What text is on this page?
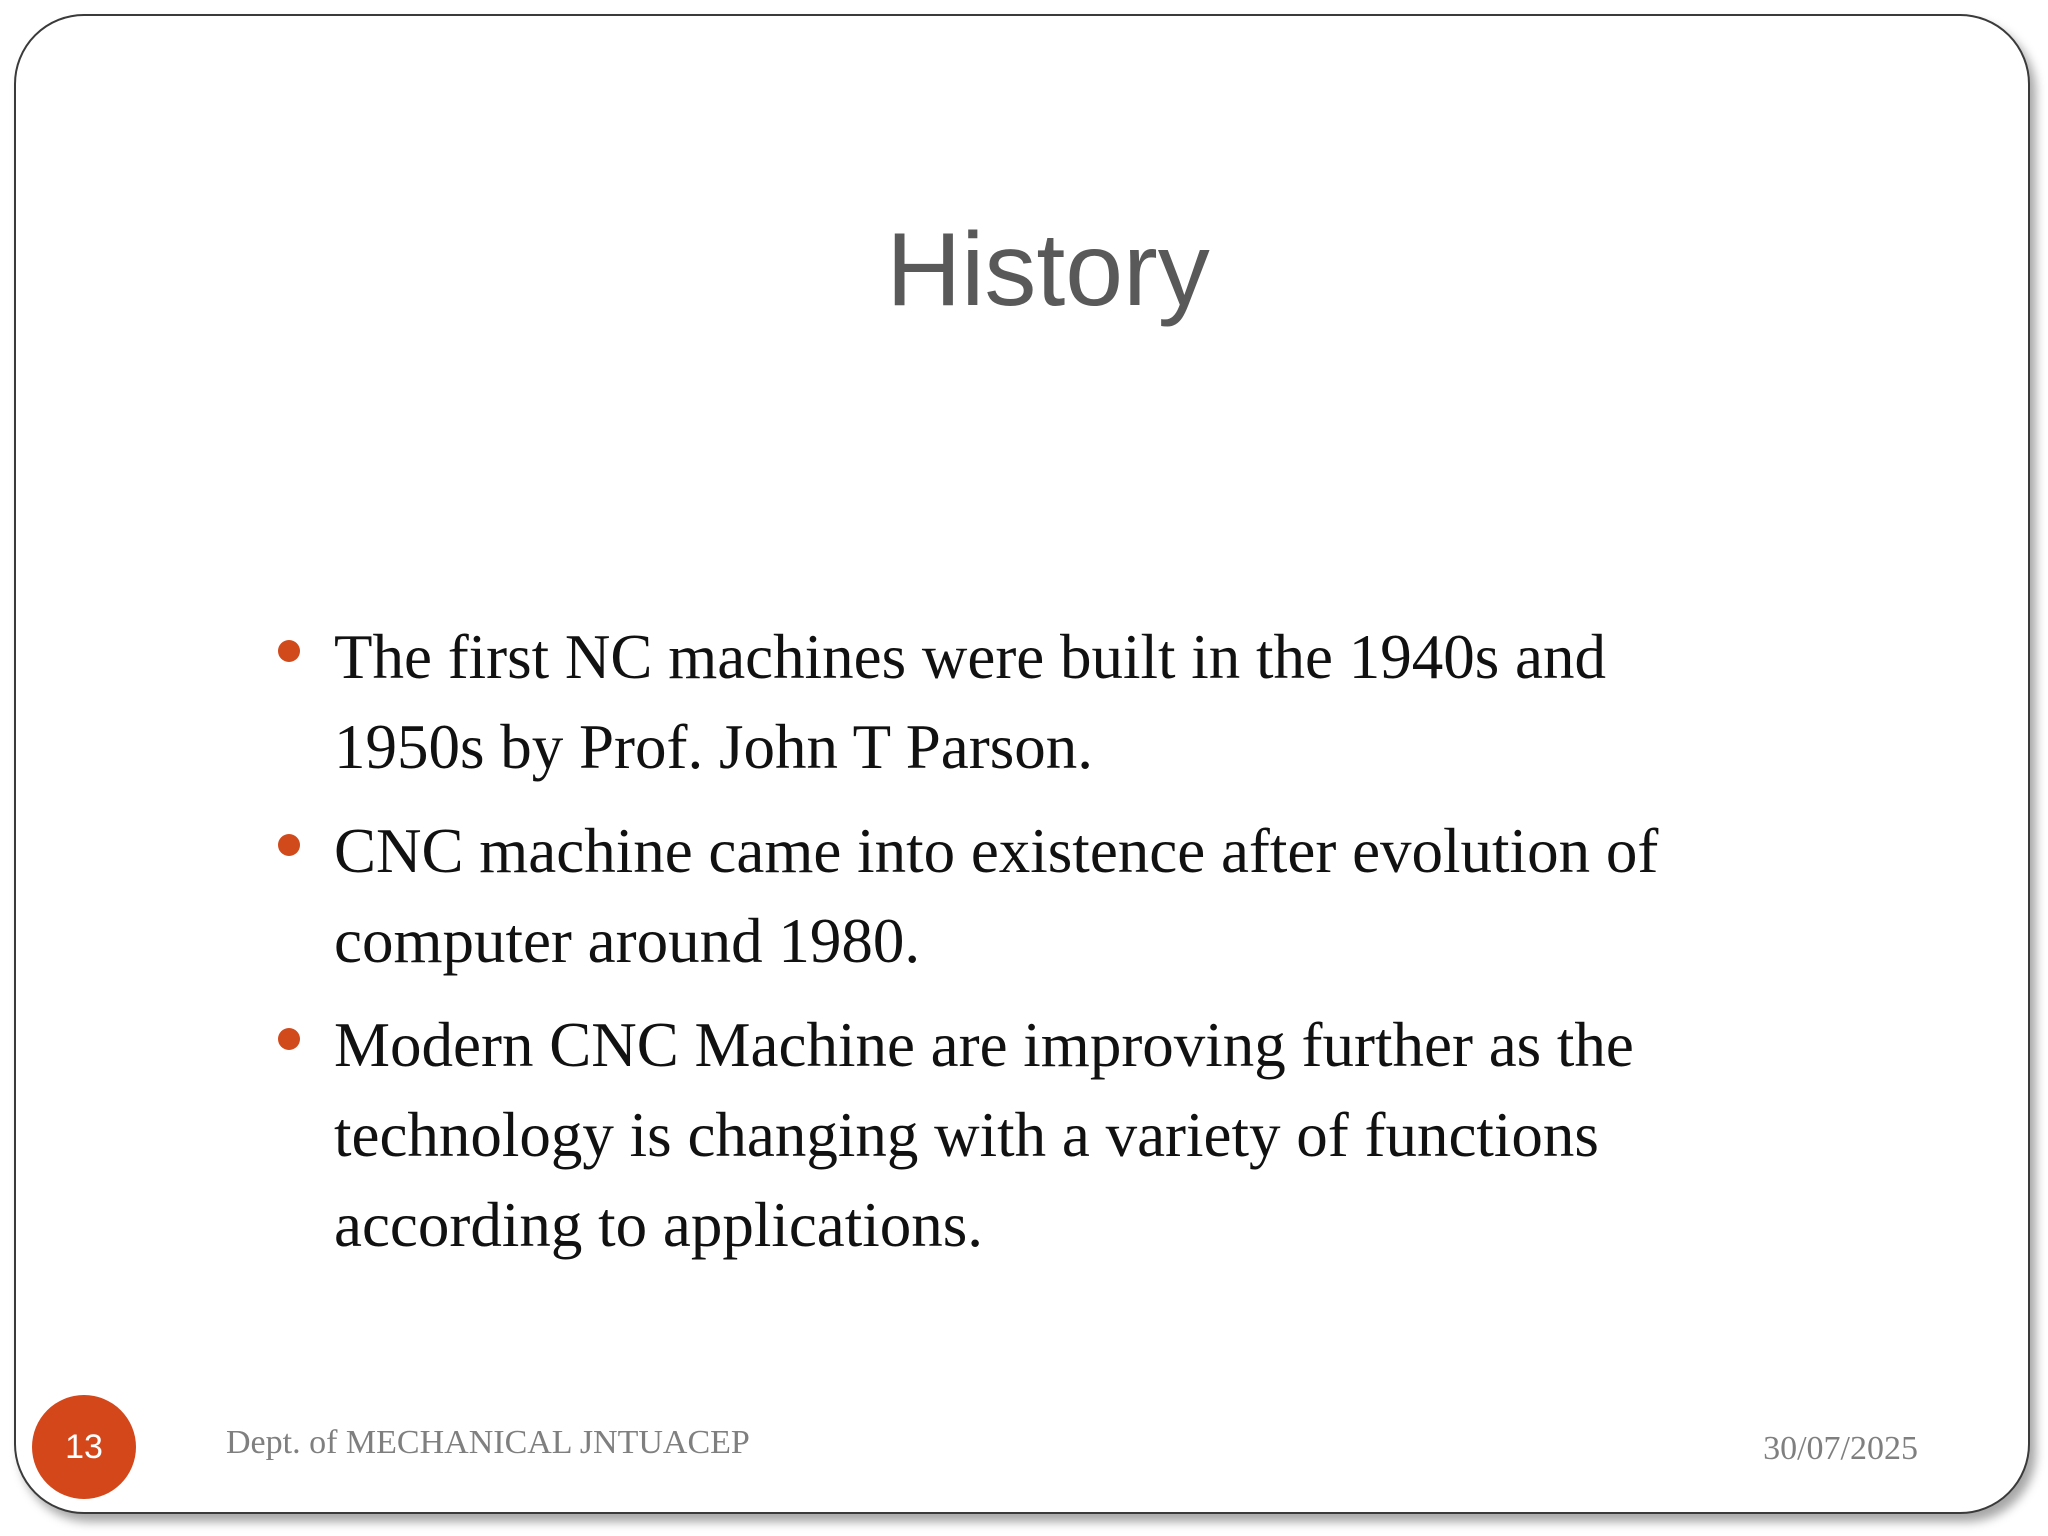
History
The first NC machines were built in the 1940s and 1950s by Prof. John T Parson.
CNC machine came into existence after evolution of computer around 1980.
Modern CNC Machine are improving further as the technology is changing with a variety of functions according to applications.
13	Dept. of MECHANICAL JNTUACEP	30/07/2025
